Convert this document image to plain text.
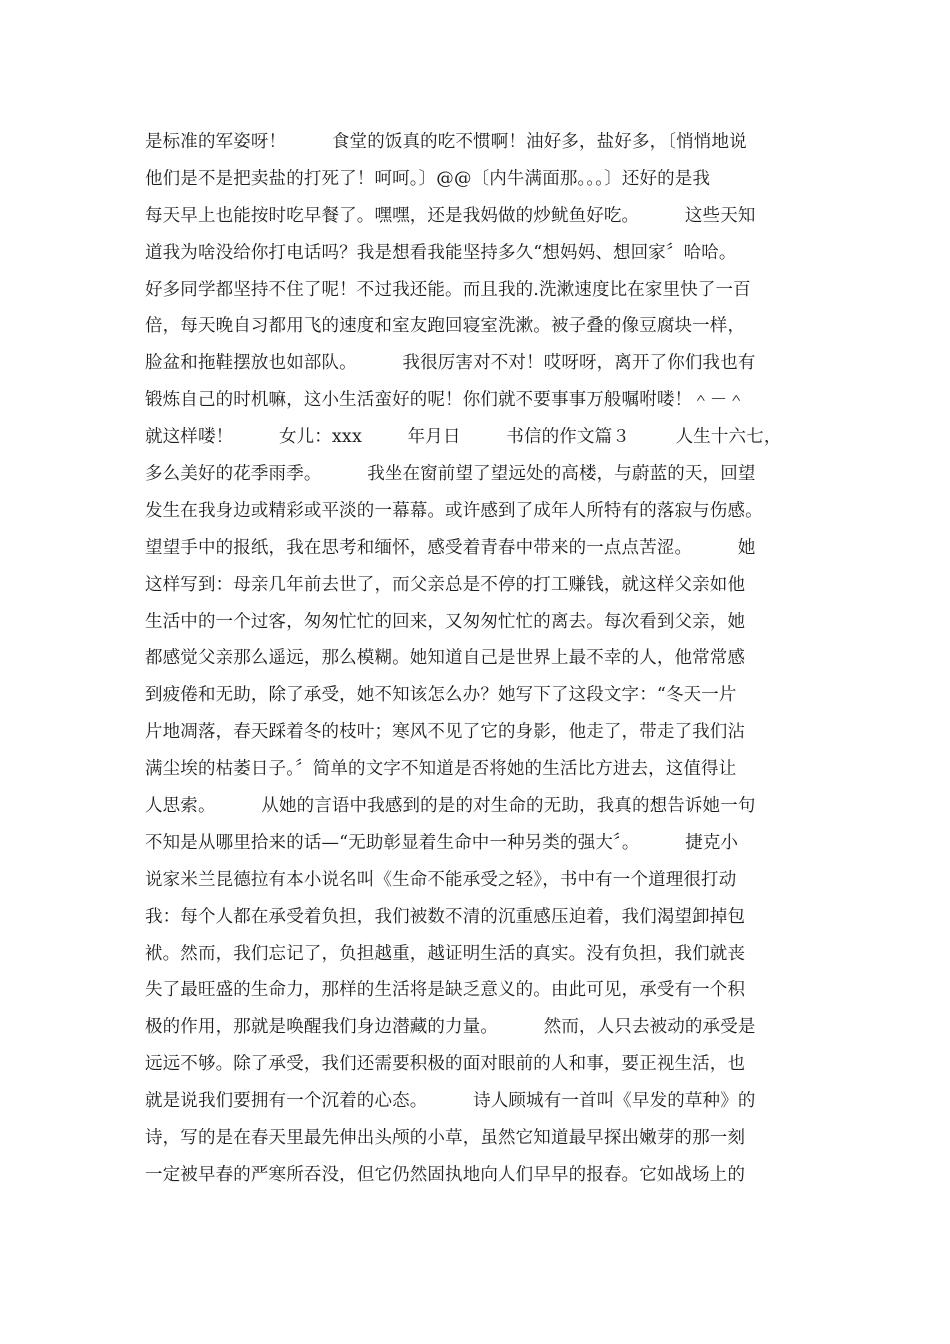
是标准的军姿呀！        食堂的饭真的吃不惯啊！油好多，盐好多，〔悄悄地说
他们是不是把卖盐的打死了！呵呵。〕@@〔内牛满面那。。。〕还好的是我
每天早上也能按时吃早餐了。嘿嘿，还是我妈做的炒鱿鱼好吃。        这些天知
道我为啥没给你打电话吗？我是想看我能坚持多久“想妈妈、想回家〞哈哈。
好多同学都坚持不住了呢！不过我还能。而且我的.洗漱速度比在家里快了一百
倍，每天晚自习都用飞的速度和室友跑回寝室洗漱。被子叠的像豆腐块一样，
脸盆和拖鞋摆放也如部队。        我很厉害对不对！哎呀呀，离开了你们我也有
锻炼自己的时机嘛，这小生活蛮好的呢！你们就不要事事万般嘱咐喽！＾－＾
就这样喽！        女儿：xxx        年月日        书信的作文篇３        人生十六七，
多么美好的花季雨季。        我坐在窗前望了望远处的高楼，与蔚蓝的天，回望
发生在我身边或精彩或平淡的一幕幕。或许感到了成年人所特有的落寂与伤感。
望望手中的报纸，我在思考和缅怀，感受着青春中带来的一点点苦涩。        她
这样写到：母亲几年前去世了，而父亲总是不停的打工赚钱，就这样父亲如他
生活中的一个过客，匆匆忙忙的回来，又匆匆忙忙的离去。每次看到父亲，她
都感觉父亲那么遥远，那么模糊。她知道自己是世界上最不幸的人，他常常感
到疲倦和无助，除了承受，她不知该怎么办？她写下了这段文字：“冬天一片
片地凋落，春天踩着冬的枝叶；寒风不见了它的身影，他走了，带走了我们沾
满尘埃的枯萎日子。〞简单的文字不知道是否将她的生活比方进去，这值得让
人思索。        从她的言语中我感到的是的对生命的无助，我真的想告诉她一句
不知是从哪里拾来的话—“无助彰显着生命中一种另类的强大〞。        捷克小
说家米兰昆德拉有本小说名叫《生命不能承受之轻》，书中有一个道理很打动
我：每个人都在承受着负担，我们被数不清的沉重感压迫着，我们渴望卸掉包
袱。然而，我们忘记了，负担越重，越证明生活的真实。没有负担，我们就丧
失了最旺盛的生命力，那样的生活将是缺乏意义的。由此可见，承受有一个积
极的作用，那就是唤醒我们身边潜藏的力量。        然而，人只去被动的承受是
远远不够。除了承受，我们还需要积极的面对眼前的人和事，要正视生活，也
就是说我们要拥有一个沉着的心态。        诗人顾城有一首叫《早发的草种》的
诗，写的是在春天里最先伸出头颅的小草，虽然它知道最早探出嫩芽的那一刻
一定被早春的严寒所吞没，但它仍然固执地向人们早早的报春。它如战场上的
